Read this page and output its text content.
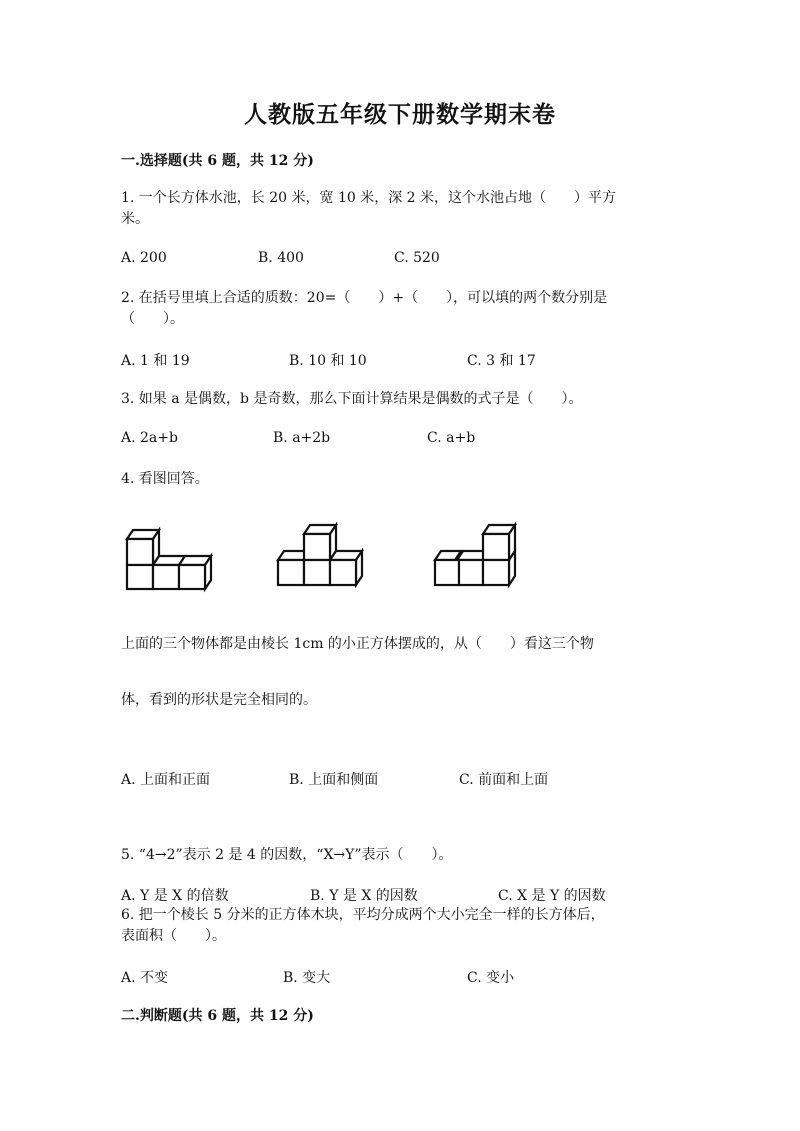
人教版五年级下册数学期末卷
一.选择题(共 6 题，共 12 分)
1. 一个长方体水池，长 20 米，宽 10 米，深 2 米，这个水池占地（　　）平方
米。
A. 200	B. 400	C. 520
2. 在括号里填上合适的质数：20=（　　）+（　　），可以填的两个数分别是
（　　）。
A. 1 和 19	B. 10 和 10	C. 3 和 17
3. 如果 a 是偶数，b 是奇数，那么下面计算结果是偶数的式子是（　　）。
A. 2a+b	B. a+2b	C. a+b
4. 看图回答。
上面的三个物体都是由棱长 1cm 的小正方体摆成的，从（　　）看这三个物
体，看到的形状是完全相同的。
A. 上面和正面	B. 上面和侧面	C. 前面和上面
5. “4→2”表示 2 是 4 的因数，“X→Y”表示（　　）。
A. Y 是 X 的倍数	B. Y 是 X 的因数	C. X 是 Y 的因数
6. 把一个棱长 5 分米的正方体木块，平均分成两个大小完全一样的长方体后，
表面积（　　）。
A. 不变	B. 变大	C. 变小
二.判断题(共 6 题，共 12 分)
